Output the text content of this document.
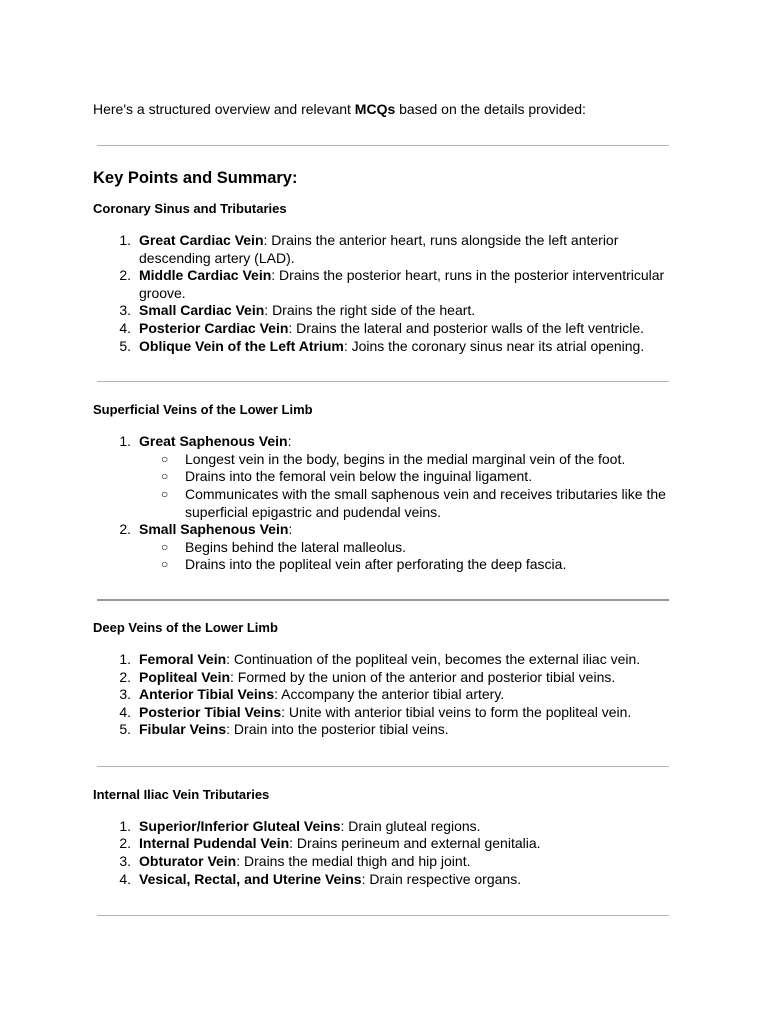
Here's a structured overview and relevant MCQs based on the details provided:

Key Points and Summary:
Coronary Sinus and Tributaries
1. Great Cardiac Vein: Drains the anterior heart, runs alongside the left anterior descending artery (LAD).
2. Middle Cardiac Vein: Drains the posterior heart, runs in the posterior interventricular groove.
3. Small Cardiac Vein: Drains the right side of the heart.
4. Posterior Cardiac Vein: Drains the lateral and posterior walls of the left ventricle.
5. Oblique Vein of the Left Atrium: Joins the coronary sinus near its atrial opening.
Superficial Veins of the Lower Limb
1. Great Saphenous Vein:
○ Longest vein in the body, begins in the medial marginal vein of the foot.
○ Drains into the femoral vein below the inguinal ligament.
○ Communicates with the small saphenous vein and receives tributaries like the superficial epigastric and pudendal veins.
2. Small Saphenous Vein:
○ Begins behind the lateral malleolus.
○ Drains into the popliteal vein after perforating the deep fascia.
Deep Veins of the Lower Limb
1. Femoral Vein: Continuation of the popliteal vein, becomes the external iliac vein.
2. Popliteal Vein: Formed by the union of the anterior and posterior tibial veins.
3. Anterior Tibial Veins: Accompany the anterior tibial artery.
4. Posterior Tibial Veins: Unite with anterior tibial veins to form the popliteal vein.
5. Fibular Veins: Drain into the posterior tibial veins.
Internal Iliac Vein Tributaries
1. Superior/Inferior Gluteal Veins: Drain gluteal regions.
2. Internal Pudendal Vein: Drains perineum and external genitalia.
3. Obturator Vein: Drains the medial thigh and hip joint.
4. Vesical, Rectal, and Uterine Veins: Drain respective organs.
